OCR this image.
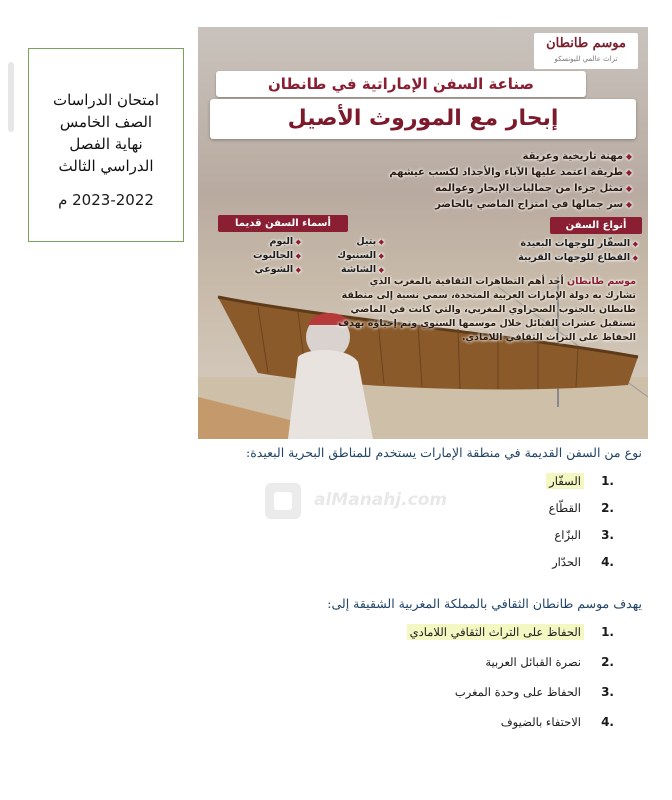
امتحان الدراسات
الصف الخامس
نهاية الفصل
الدراسي الثالث
2023-2022 م
موسم طانطان
تراث عالمي لليونسكو
صناعة السفن الإماراتية في طانطان
إبحار مع الموروث الأصيل
◆ مهنة تاريخية وعريقة
◆ طريقة اعتمد عليها الآباء والأجداد لكسب عيشهم
◆ تمثل جزءا من جماليات الإبحار وعوالمه
◆ سر جمالها في امتزاج الماضي بالحاضر
أنواع السفن
◆ السفّار للوجهات البعيدة
◆ القطاع للوجهات القريبة
أسماء السفن قديما
◆ بتيل
◆ البوم
◆ السنبوك
◆ الجالبوت
◆ الشاشة
◆ الشوعي
موسم طانطان أحد أهم التظاهرات الثقافية بالمغرب الذي تشارك به دولة الإمارات العربية المتحدة، سمي نسبة إلى منطقة طانطان بالجنوب الصحراوي المغربي، والتي كانت في الماضي تستقبل عشرات القبائل خلال موسمها السنوي وتم إحياؤه بهدف الحفاظ على التراث الثقافي اللامادي.
alManahj.com
نوع من السفن القديمة في منطقة الإمارات يستخدم للمناطق البحرية البعيدة:
1.
السفّار
2.
القطّاع
3.
البزّاع
4.
الحدّار
يهدف موسم طانطان الثقافي بالمملكة المغربية الشقيقة إلى:
1.
الحفاظ على التراث الثقافي اللامادي
2.
نصرة القبائل العربية
3.
الحفاظ على وحدة المغرب
4.
الاحتفاء بالضيوف
